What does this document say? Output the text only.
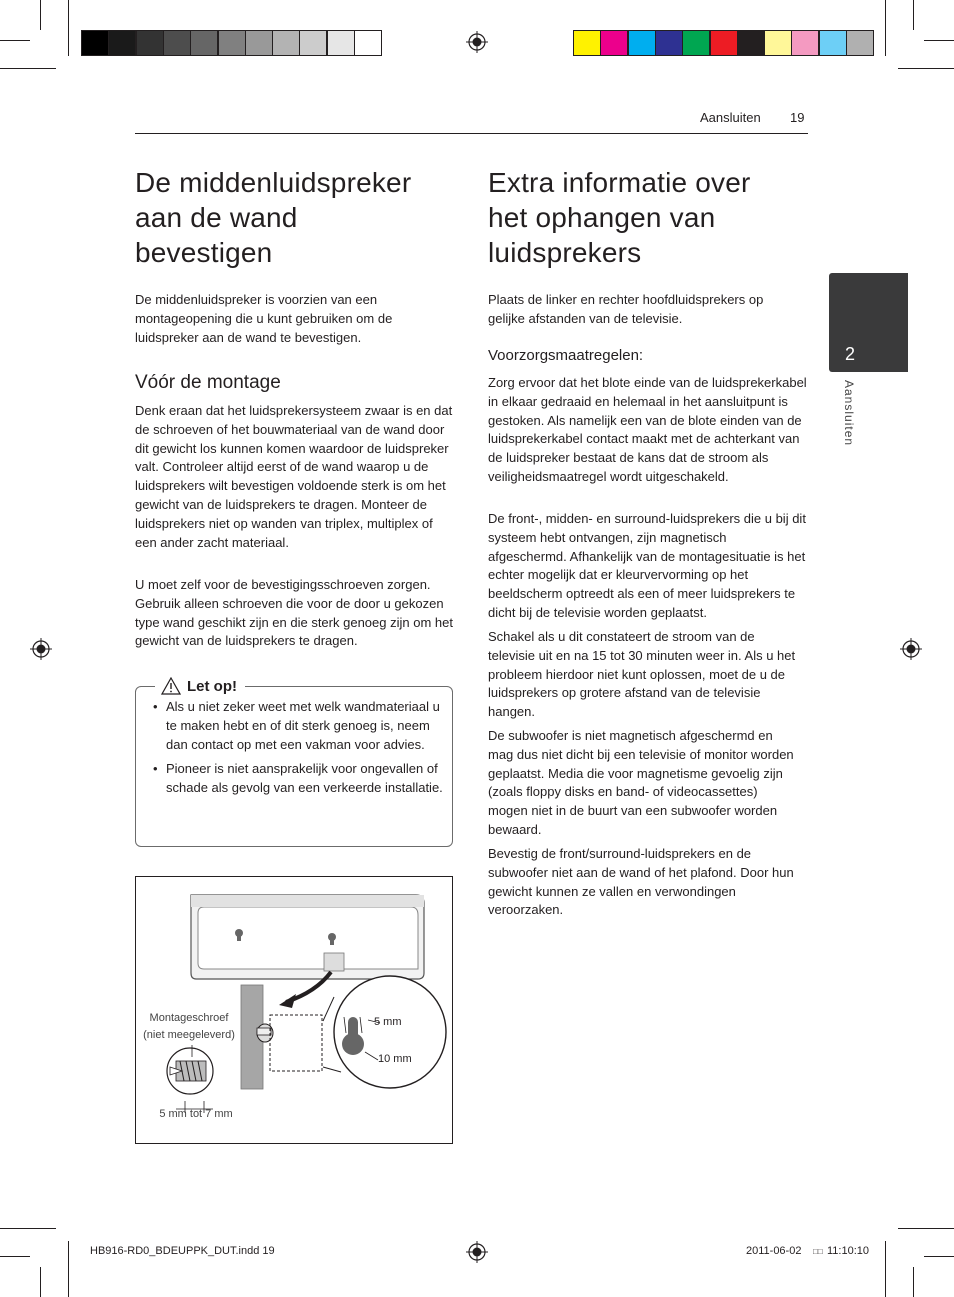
Aansluiten 19
2
Aansluiten
De middenluidspreker
aan de wand
bevestigen

De middenluidspreker is voorzien van een montageopening die u kunt gebruiken om de luidspreker aan de wand te bevestigen.

Vóór de montage

Denk eraan dat het luidsprekersysteem zwaar is en dat de schroeven of het bouwmateriaal van de wand door dit gewicht los kunnen komen waardoor de luidspreker valt. Controleer altijd eerst of de wand waarop u de luidsprekers wilt bevestigen voldoende sterk is om het gewicht van de luidsprekers te dragen. Monteer de luidsprekers niet op wanden van triplex, multiplex of een ander zacht materiaal.

U moet zelf voor de bevestigingsschroeven zorgen. Gebruik alleen schroeven die voor de door u gekozen type wand geschikt zijn en die sterk genoeg zijn om het gewicht van de luidsprekers te dragen.

Let op!
• Als u niet zeker weet met welk wandmateriaal u te maken hebt en of dit sterk genoeg is, neem dan contact op met een vakman voor advies.
• Pioneer is niet aansprakelijk voor ongevallen of schade als gevolg van een verkeerde installatie.
Montageschroef
(niet meegeleverd)
5 mm tot 7 mm
5 mm
10 mm
Extra informatie over
het ophangen van
luidsprekers

Plaats de linker en rechter hoofdluidsprekers op gelijke afstanden van de televisie.

Voorzorgsmaatregelen:

Zorg ervoor dat het blote einde van de luidsprekerkabel in elkaar gedraaid en helemaal in het aansluitpunt is gestoken. Als namelijk een van de blote einden van de luidsprekerkabel contact maakt met de achterkant van de luidspreker bestaat de kans dat de stroom als veiligheidsmaatregel wordt uitgeschakeld.

De front-, midden- en surround-luidsprekers die u bij dit systeem hebt ontvangen, zijn magnetisch afgeschermd. Afhankelijk van de montagesituatie is het echter mogelijk dat er kleurvervorming op het beeldscherm optreedt als een of meer luidsprekers te dicht bij de televisie worden geplaatst.

Schakel als u dit constateert de stroom van de televisie uit en na 15 tot 30 minuten weer in. Als u het probleem hierdoor niet kunt oplossen, moet de u de luidsprekers op grotere afstand van de televisie hangen.

De subwoofer is niet magnetisch afgeschermd en mag dus niet dicht bij een televisie of monitor worden geplaatst. Media die voor magnetisme gevoelig zijn (zoals floppy disks en band- of videocassettes) mogen niet in de buurt van een subwoofer worden bewaard.

Bevestig de front/surround-luidsprekers en de subwoofer niet aan de wand of het plafond. Door hun gewicht kunnen ze vallen en verwondingen veroorzaken.

HB916-RD0_BDEUPPK_DUT.indd 19	2011-06-02 □□ 11:10:10
